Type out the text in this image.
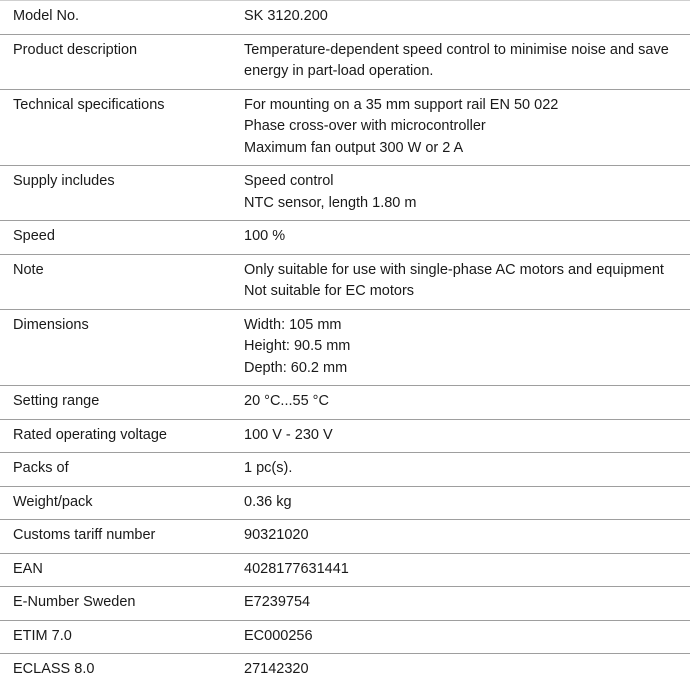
Model No.	SK 3120.200
Product description	Temperature-dependent speed control to minimise noise and save
energy in part-load operation.
Technical specifications	For mounting on a 35 mm support rail EN 50 022
Phase cross-over with microcontroller
Maximum fan output 300 W or 2 A
Supply includes	Speed control
NTC sensor, length 1.80 m
Speed	100 %
Note	Only suitable for use with single-phase AC motors and equipment
Not suitable for EC motors
Dimensions	Width: 105 mm
Height: 90.5 mm
Depth: 60.2 mm
Setting range	20 °C...55 °C
Rated operating voltage	100 V - 230 V
Packs of	1 pc(s).
Weight/pack	0.36 kg
Customs tariff number	90321020
EAN	4028177631441
E-Number Sweden	E7239754
ETIM 7.0	EC000256
ECLASS 8.0	27142320
